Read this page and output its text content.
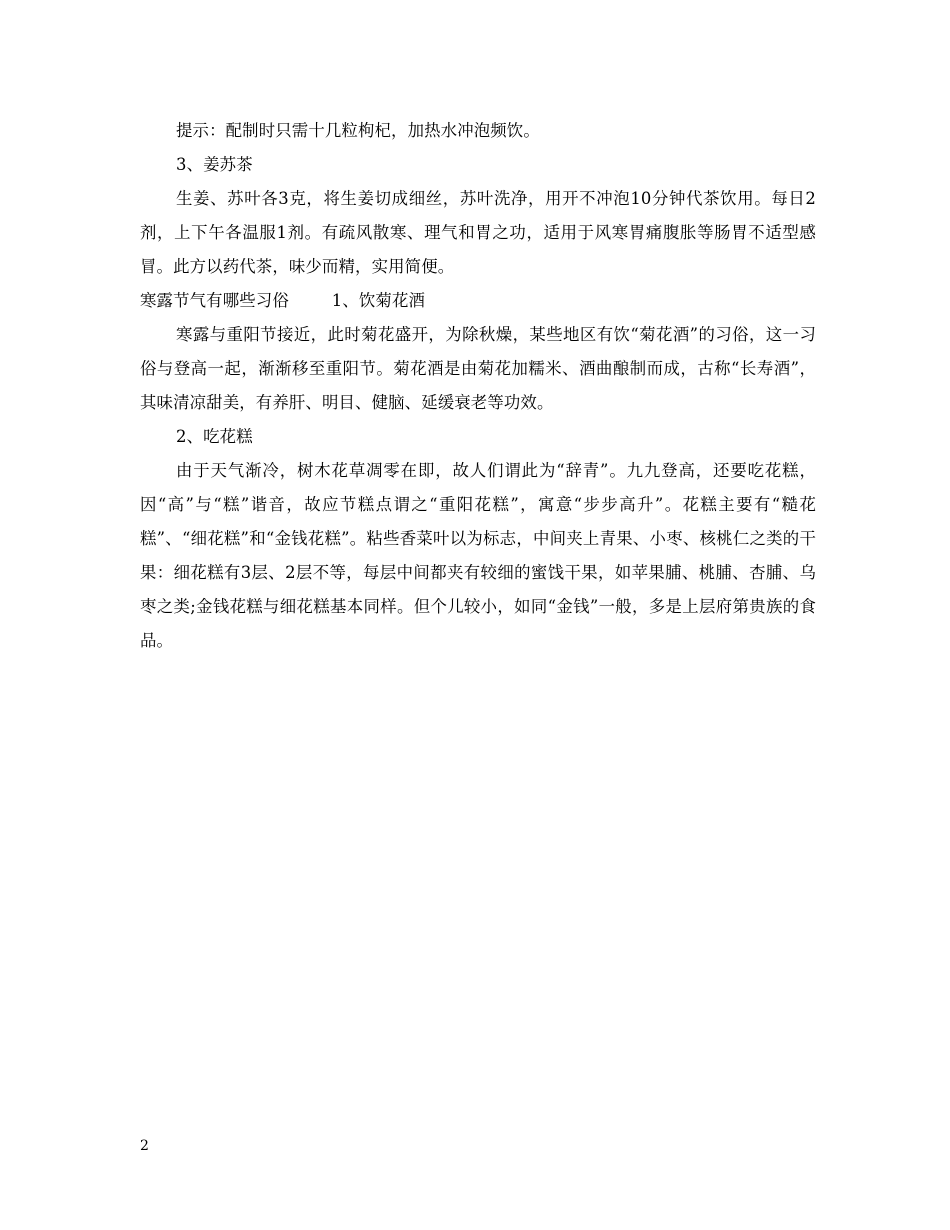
提示：配制时只需十几粒枸杞，加热水冲泡频饮。

3、姜苏茶

生姜、苏叶各3克，将生姜切成细丝，苏叶洗净，用开不冲泡10分钟代茶饮用。每日2剂，上下午各温服1剂。有疏风散寒、理气和胃之功，适用于风寒胃痛腹胀等肠胃不适型感冒。此方以药代茶，味少而精，实用简便。

寒露节气有哪些习俗        1、饮菊花酒

寒露与重阳节接近，此时菊花盛开，为除秋燥，某些地区有饮“菊花酒”的习俗，这一习俗与登高一起，渐渐移至重阳节。菊花酒是由菊花加糯米、酒曲酿制而成，古称“长寿酒”，其味清凉甜美，有养肝、明目、健脑、延缓衰老等功效。

2、吃花糕

由于天气渐冷，树木花草凋零在即，故人们谓此为“辞青”。九九登高，还要吃花糕，因“高”与“糕”谐音，故应节糕点谓之“重阳花糕”，寓意“步步高升”。花糕主要有“糙花糕”、“细花糕”和“金钱花糕”。粘些香菜叶以为标志，中间夹上青果、小枣、核桃仁之类的干果：细花糕有3层、2层不等，每层中间都夹有较细的蜜饯干果，如苹果脯、桃脯、杏脯、乌枣之类;金钱花糕与细花糕基本同样。但个儿较小，如同“金钱”一般，多是上层府第贵族的食品。

2
